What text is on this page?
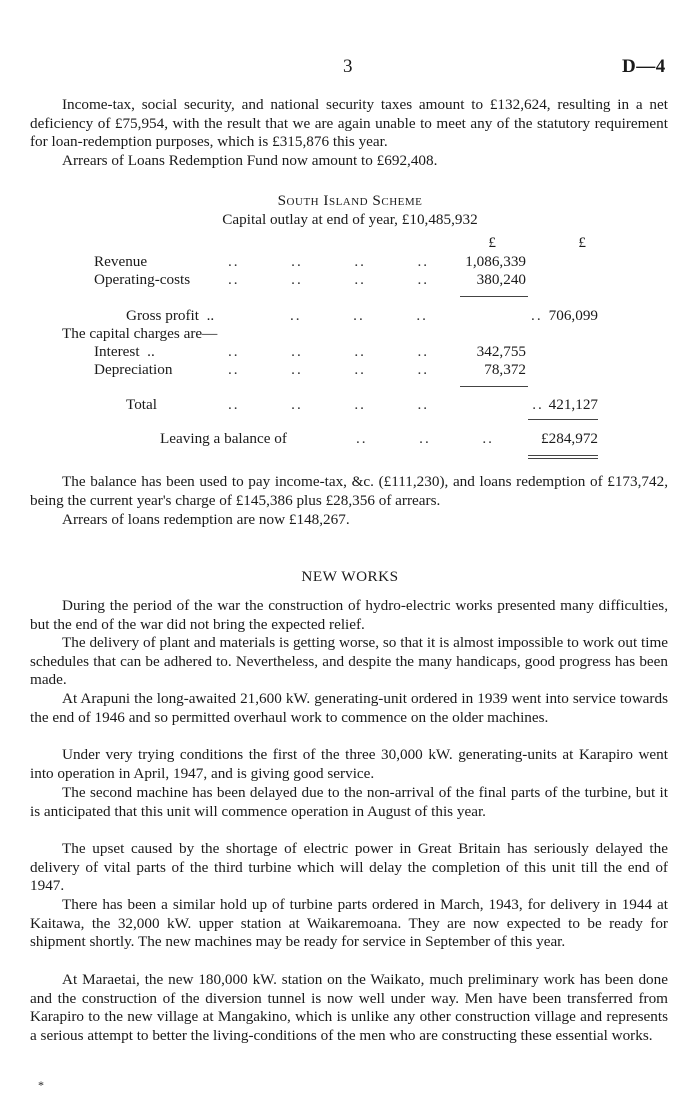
3	D—4

Income-tax, social security, and national security taxes amount to £132,624, resulting in a net deficiency of £75,954, with the result that we are again unable to meet any of the statutory requirement for loan-redemption purposes, which is £315,876 this year.

Arrears of Loans Redemption Fund now amount to £692,408.

South Island Scheme
Capital outlay at end of year, £10,485,932
£	£
Revenue	..   ..   ..   ..	1,086,339
Operating-costs ..   ..   ..   ..	380,240
Gross profit ..	..   ..   ..      .. 706,099
The capital charges are—
Interest ..	..   ..   ..   ..	342,755
Depreciation	..   ..   ..   ..	78,372
Total	..   ..   ..   ..      .. 421,127
Leaving a balance of	..   ..   ..	£284,972

The balance has been used to pay income-tax, &c. (£111,230), and loans redemption of £173,742, being the current year's charge of £145,386 plus £28,356 of arrears.

Arrears of loans redemption are now £148,267.

NEW WORKS

During the period of the war the construction of hydro-electric works presented many difficulties, but the end of the war did not bring the expected relief.

The delivery of plant and materials is getting worse, so that it is almost impossible to work out time schedules that can be adhered to. Nevertheless, and despite the many handicaps, good progress has been made.

At Arapuni the long-awaited 21,600 kW. generating-unit ordered in 1939 went into service towards the end of 1946 and so permitted overhaul work to commence on the older machines.

Under very trying conditions the first of the three 30,000 kW. generating-units at Karapiro went into operation in April, 1947, and is giving good service.

The second machine has been delayed due to the non-arrival of the final parts of the turbine, but it is anticipated that this unit will commence operation in August of this year.

The upset caused by the shortage of electric power in Great Britain has seriously delayed the delivery of vital parts of the third turbine which will delay the completion of this unit till the end of 1947.

There has been a similar hold up of turbine parts ordered in March, 1943, for delivery in 1944 at Kaitawa, the 32,000 kW. upper station at Waikaremoana. They are now expected to be ready for shipment shortly. The new machines may be ready for service in September of this year.

At Maraetai, the new 180,000 kW. station on the Waikato, much preliminary work has been done and the construction of the diversion tunnel is now well under way. Men have been transferred from Karapiro to the new village at Mangakino, which is unlike any other construction village and represents a serious attempt to better the living-conditions of the men who are constructing these essential works.

*
